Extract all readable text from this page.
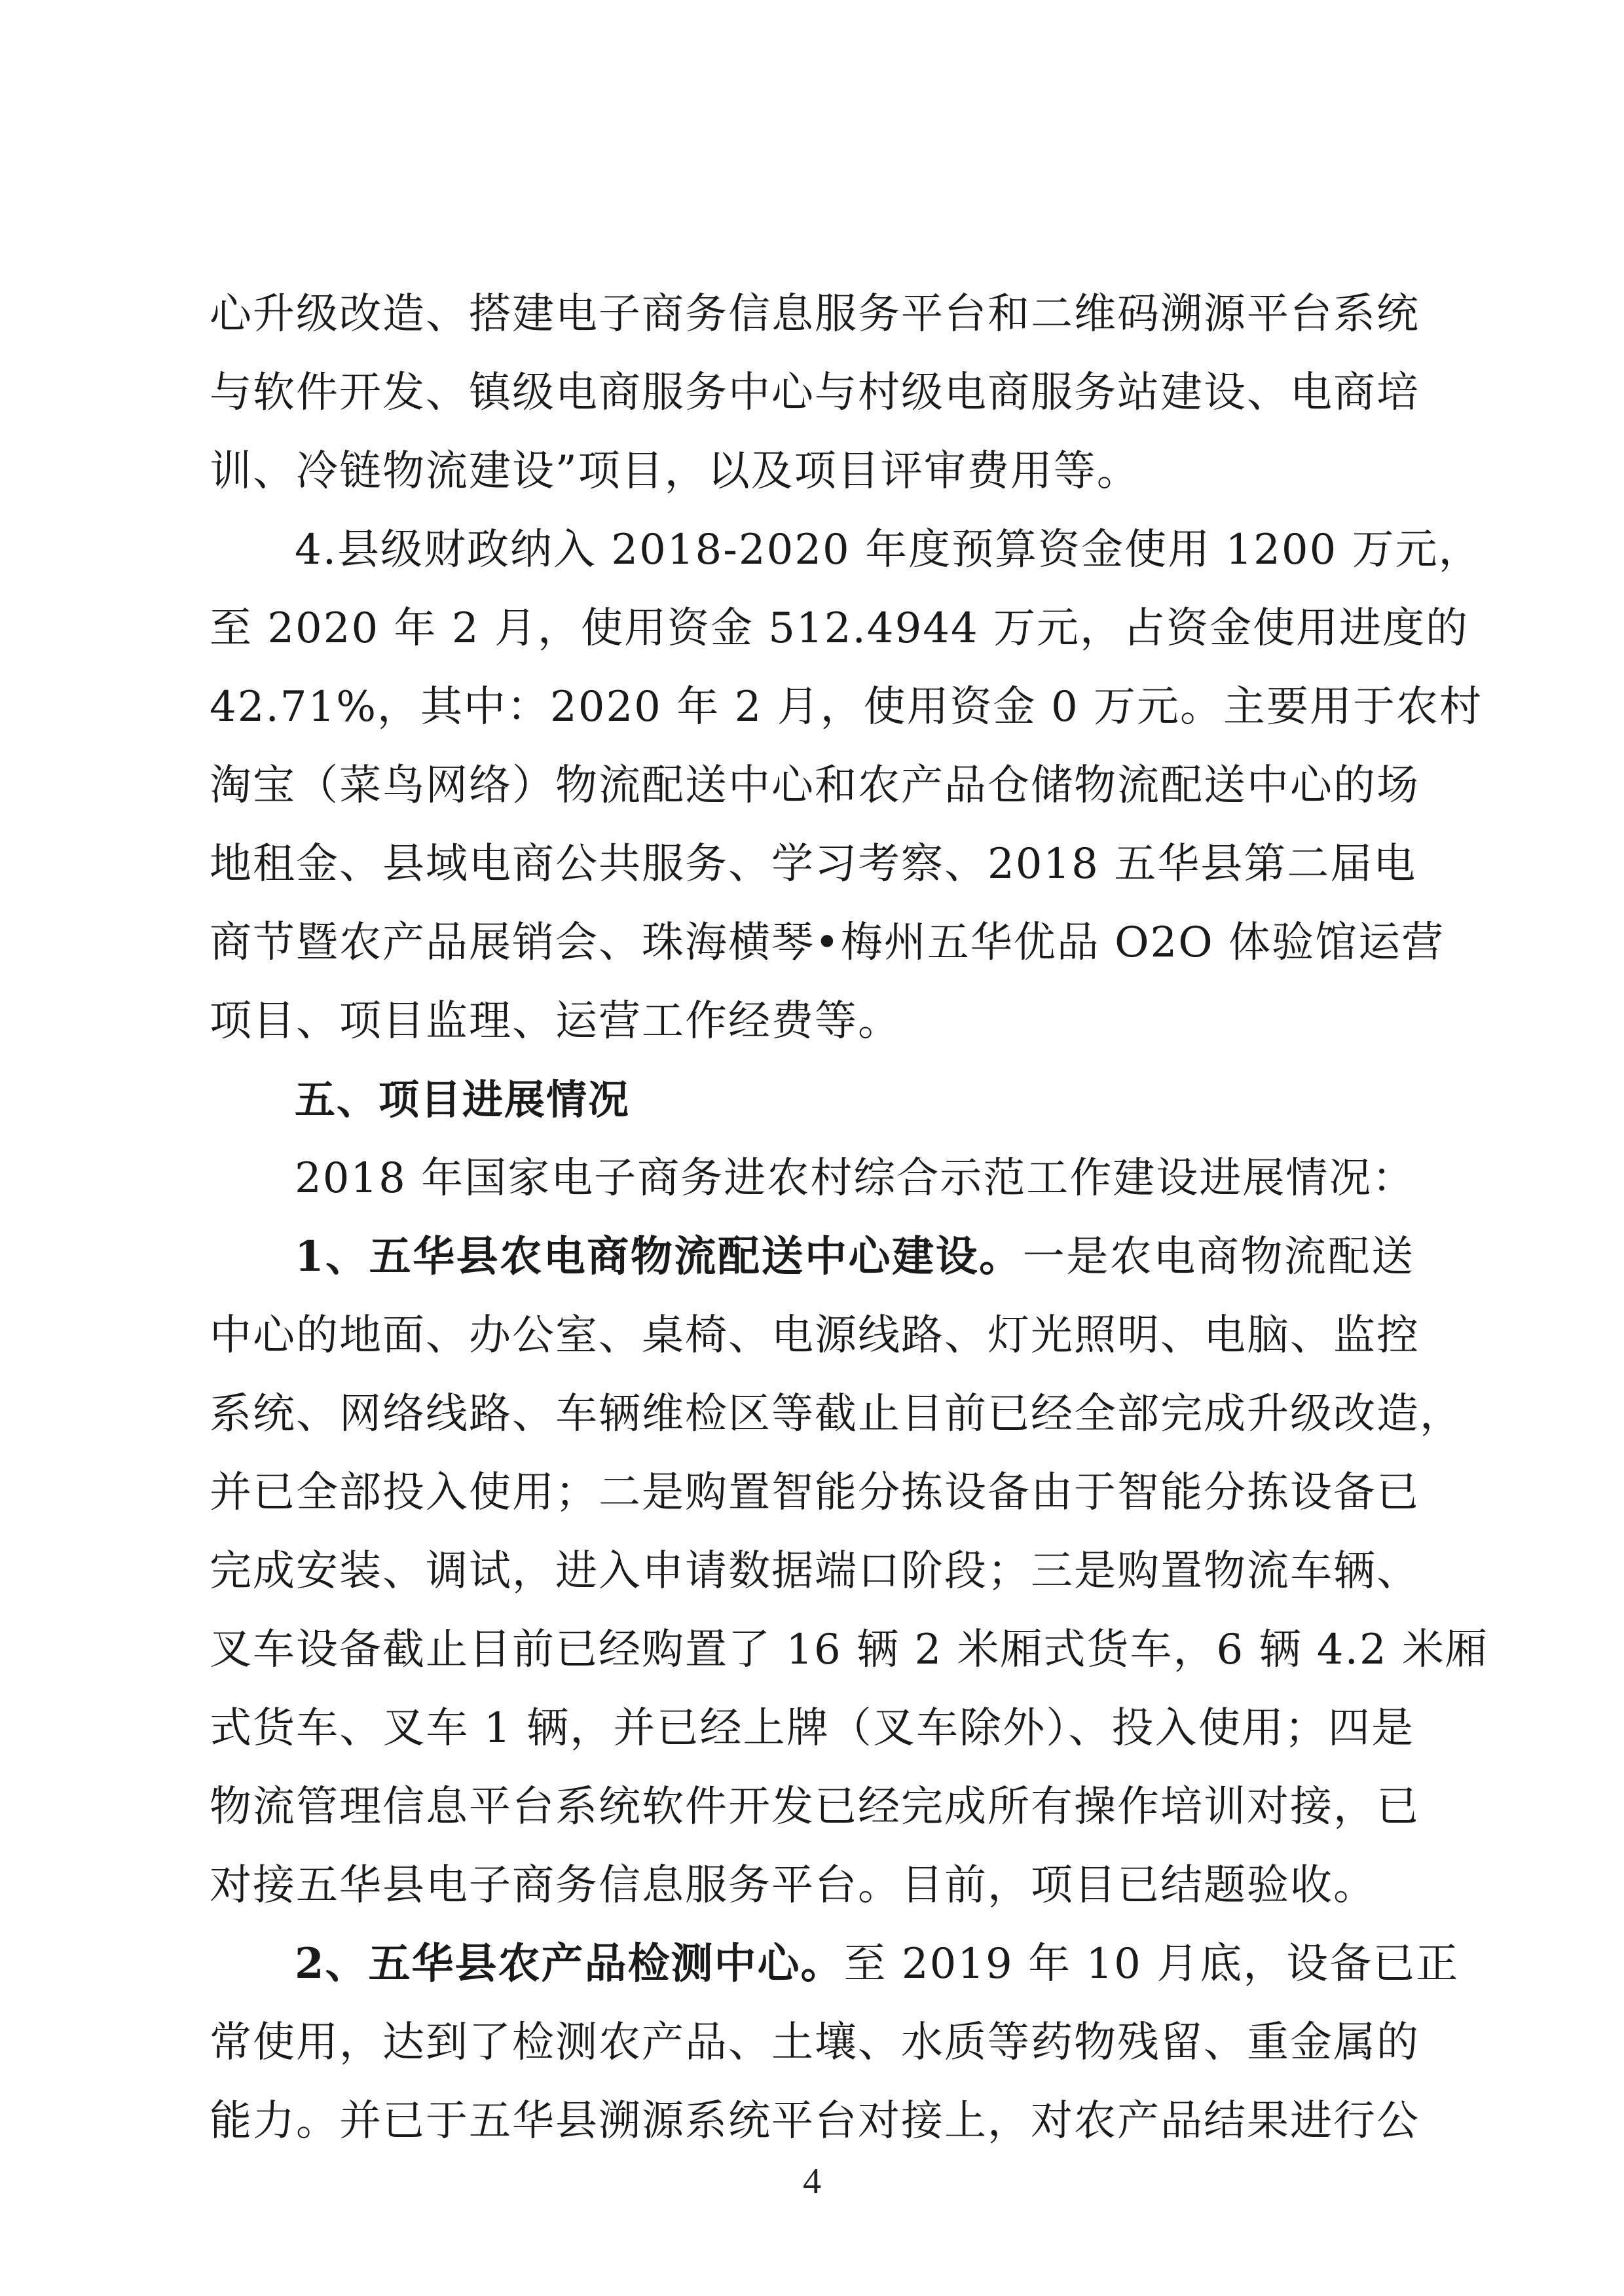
心升级改造、搭建电子商务信息服务平台和二维码溯源平台系统
与软件开发、镇级电商服务中心与村级电商服务站建设、电商培
训、冷链物流建设”项目，以及项目评审费用等。
4.县级财政纳入 2018-2020 年度预算资金使用 1200 万元，
至 2020 年 2 月，使用资金 512.4944 万元，占资金使用进度的
42.71%，其中：2020 年 2 月，使用资金 0 万元。主要用于农村
淘宝（菜鸟网络）物流配送中心和农产品仓储物流配送中心的场
地租金、县域电商公共服务、学习考察、2018 五华县第二届电
商节暨农产品展销会、珠海横琴•梅州五华优品 O2O 体验馆运营
项目、项目监理、运营工作经费等。
五、项目进展情况
2018 年国家电子商务进农村综合示范工作建设进展情况：
1、五华县农电商物流配送中心建设。一是农电商物流配送
中心的地面、办公室、桌椅、电源线路、灯光照明、电脑、监控
系统、网络线路、车辆维检区等截止目前已经全部完成升级改造，
并已全部投入使用；二是购置智能分拣设备由于智能分拣设备已
完成安装、调试，进入申请数据端口阶段；三是购置物流车辆、
叉车设备截止目前已经购置了 16 辆 2 米厢式货车，6 辆 4.2 米厢
式货车、叉车 1 辆，并已经上牌（叉车除外）、投入使用；四是
物流管理信息平台系统软件开发已经完成所有操作培训对接，已
对接五华县电子商务信息服务平台。目前，项目已结题验收。
2、五华县农产品检测中心。至 2019 年 10 月底，设备已正
常使用，达到了检测农产品、土壤、水质等药物残留、重金属的
能力。并已于五华县溯源系统平台对接上，对农产品结果进行公
4
